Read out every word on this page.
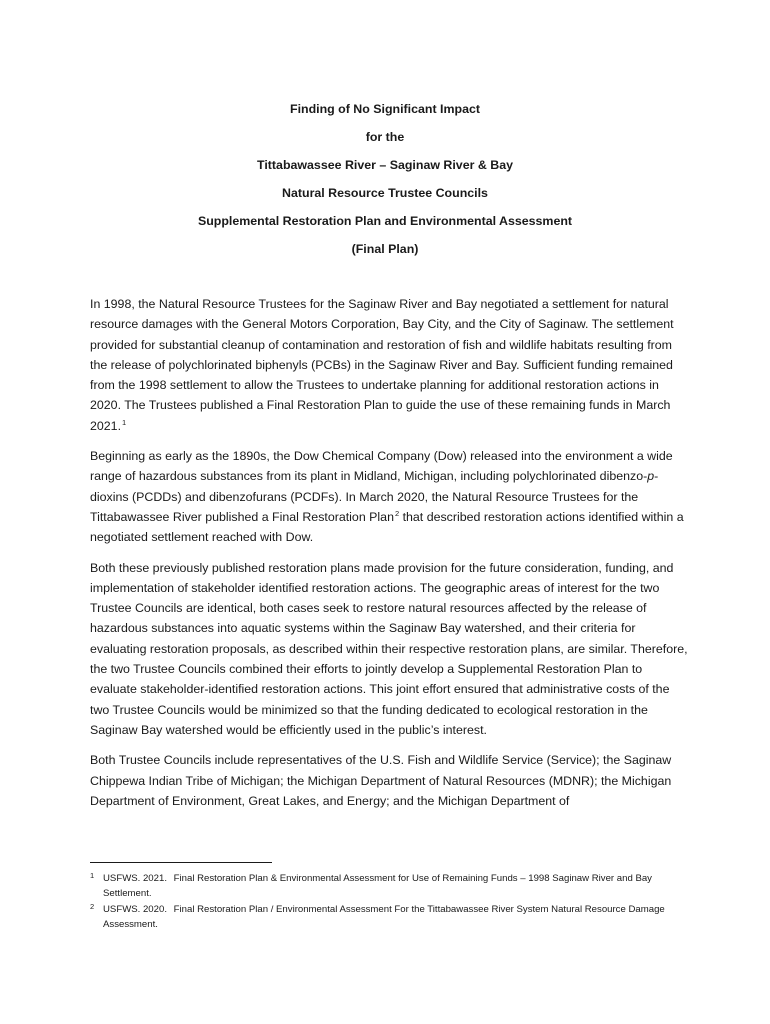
Finding of No Significant Impact
for the
Tittabawassee River – Saginaw River & Bay
Natural Resource Trustee Councils
Supplemental Restoration Plan and Environmental Assessment
(Final Plan)

In 1998, the Natural Resource Trustees for the Saginaw River and Bay negotiated a settlement for natural resource damages with the General Motors Corporation, Bay City, and the City of Saginaw. The settlement provided for substantial cleanup of contamination and restoration of fish and wildlife habitats resulting from the release of polychlorinated biphenyls (PCBs) in the Saginaw River and Bay. Sufficient funding remained from the 1998 settlement to allow the Trustees to undertake planning for additional restoration actions in 2020. The Trustees published a Final Restoration Plan to guide the use of these remaining funds in March 2021.$^1$

Beginning as early as the 1890s, the Dow Chemical Company (Dow) released into the environment a wide range of hazardous substances from its plant in Midland, Michigan, including polychlorinated dibenzo-p-dioxins (PCDDs) and dibenzofurans (PCDFs). In March 2020, the Natural Resource Trustees for the Tittabawassee River published a Final Restoration Plan$^2$ that described restoration actions identified within a negotiated settlement reached with Dow.

Both these previously published restoration plans made provision for the future consideration, funding, and implementation of stakeholder identified restoration actions. The geographic areas of interest for the two Trustee Councils are identical, both cases seek to restore natural resources affected by the release of hazardous substances into aquatic systems within the Saginaw Bay watershed, and their criteria for evaluating restoration proposals, as described within their respective restoration plans, are similar. Therefore, the two Trustee Councils combined their efforts to jointly develop a Supplemental Restoration Plan to evaluate stakeholder-identified restoration actions. This joint effort ensured that administrative costs of the two Trustee Councils would be minimized so that the funding dedicated to ecological restoration in the Saginaw Bay watershed would be efficiently used in the public’s interest.

Both Trustee Councils include representatives of the U.S. Fish and Wildlife Service (Service); the Saginaw Chippewa Indian Tribe of Michigan; the Michigan Department of Natural Resources (MDNR); the Michigan Department of Environment, Great Lakes, and Energy; and the Michigan Department of

1 USFWS. 2021. Final Restoration Plan & Environmental Assessment for Use of Remaining Funds – 1998 Saginaw River and Bay Settlement.
2 USFWS. 2020. Final Restoration Plan / Environmental Assessment For the Tittabawassee River System Natural Resource Damage Assessment.
